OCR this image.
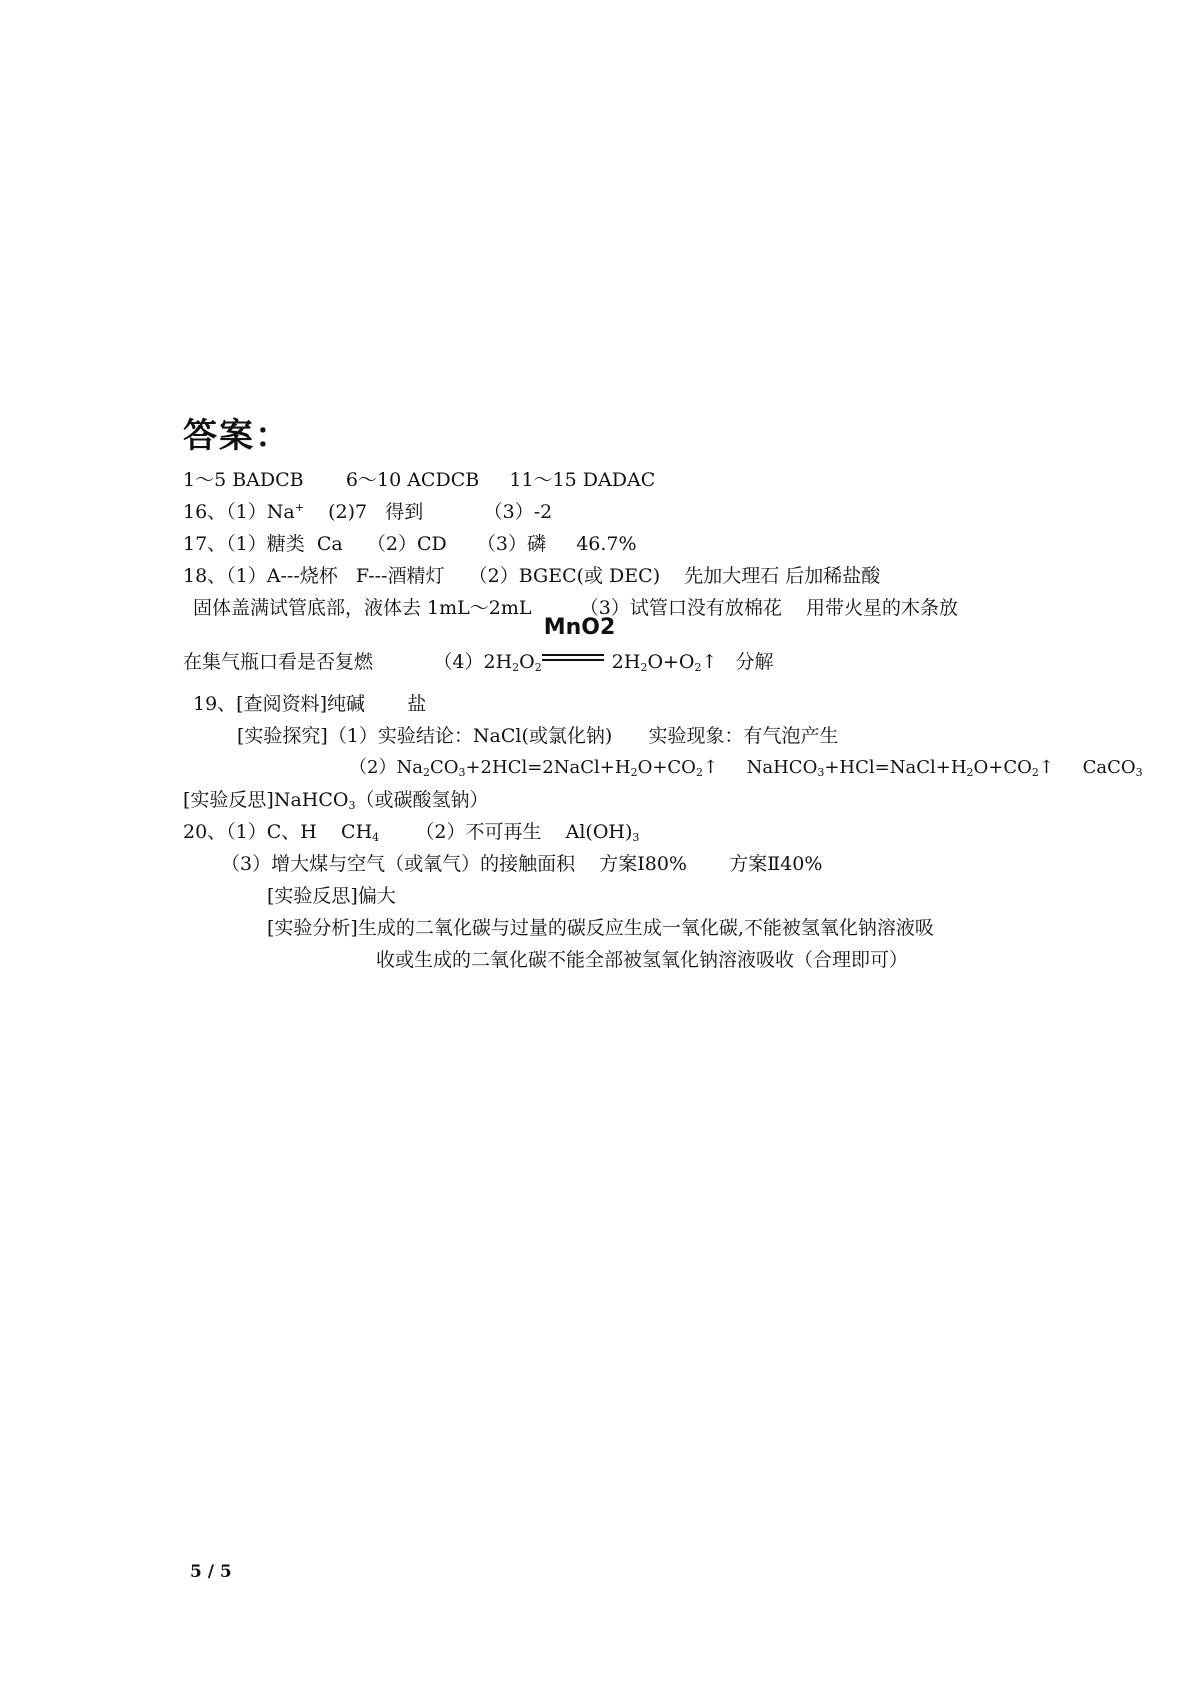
答案：
1～5 BADCB       6～10 ACDCB     11～15 DADAC
16、（1）Na+    (2)7   得到          （3）-2
17、（1）糖类  Ca    （2）CD     （3）磷     46.7%
18、（1）A---烧杯   F---酒精灯    （2）BGEC(或 DEC)    先加大理石 后加稀盐酸
固体盖满试管底部，液体去 1mL～2mL        （3）试管口没有放棉花    用带火星的木条放
在集气瓶口看是否复燃          $(4)2H_2O_2$
MnO2
$2H_2O+O_2↑$   分解
19、[查阅资料]纯碱       盐
[实验探究]（1）实验结论：NaCl(或氯化钠)      实验现象：有气泡产生
$(2)Na_2CO_3+2HCl=2NaCl+H_2O+CO_2↑$     $NaHCO_3+HCl=NaCl+H_2O+CO_2↑$     CaCO$_3$
[实验反思]NaHCO$_3$（或碳酸氢钠）
20、（1）C、H    $CH_4$      （2）不可再生    $Al(OH)_3$
（3）增大煤与空气（或氧气）的接触面积    方案Ⅰ80%       方案Ⅱ40%
[实验反思]偏大
[实验分析]生成的二氧化碳与过量的碳反应生成一氧化碳,不能被氢氧化钠溶液吸
收或生成的二氧化碳不能全部被氢氧化钠溶液吸收（合理即可）
5 / 5
